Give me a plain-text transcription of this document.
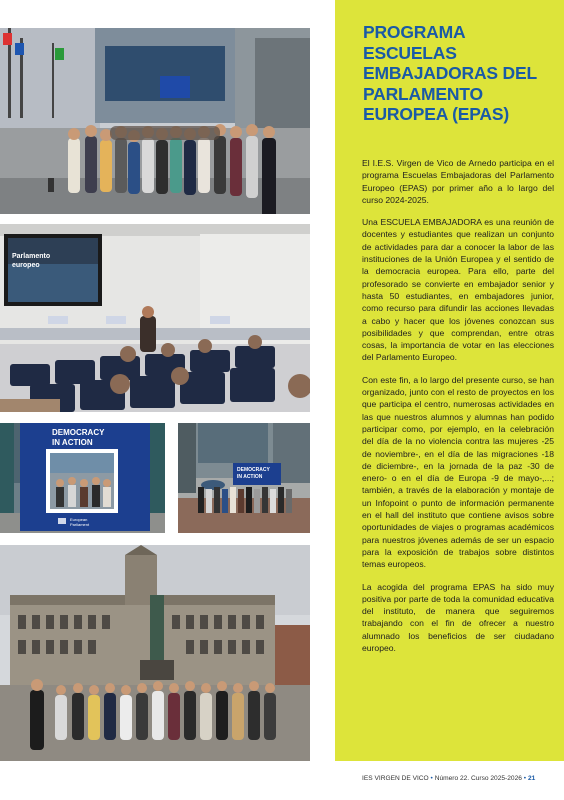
Parlamento
europeo
DEMOCRACY
IN ACTION
European
Parliament
DEMOCRACY
IN ACTION
PROGRAMA ESCUELAS EMBAJADORAS DEL PARLAMENTO EUROPEA (EPAS)

El I.E.S. Virgen de Vico de Arnedo participa en el programa Escuelas Embajadoras del Parlamento Europeo (EPAS) por primer año a lo largo del curso 2024-2025.

Una ESCUELA EMBAJADORA es una reunión de docentes y estudiantes que realizan un conjunto de actividades para dar a conocer la labor de las instituciones de la Unión Europea y el sentido de la democracia europea. Para ello, parte del profesorado se convierte en embajador senior y hasta 50 estudiantes, en embajadores junior, como recurso para difundir las acciones llevadas a cabo y hacer que los jóvenes conozcan sus posibilidades y que comprendan, entre otras cosas, la importancia de votar en las elecciones del Parlamento Europeo.

Con este fin, a lo largo del presente curso, se han organizado, junto con el resto de proyectos en los que participa el centro, numerosas actividades en las que nuestros alumnos y alumnas han podido participar como, por ejemplo, en la celebración del día de la no violencia contra las mujeres -25 de noviembre-, en el día de las migraciones -18 de diciembre-, en la jornada de la paz -30 de enero- o en el día de Europa -9 de mayo-,...; también, a través de la elaboración y montaje de un Infopoint o punto de información permanente en el hall del instituto que contiene avisos sobre oportunidades de viajes o programas académicos para nuestros jóvenes además de ser un espacio para la exposición de trabajos sobre distintos temas europeos.

La acogida del programa EPAS ha sido muy positiva por parte de toda la comunidad educativa del instituto, de manera que seguiremos trabajando con el fin de ofrecer a nuestro alumnado los beneficios de ser ciudadano europeo.

IES VIRGEN DE VICO • Número 22. Curso 2025-2026 • 21
